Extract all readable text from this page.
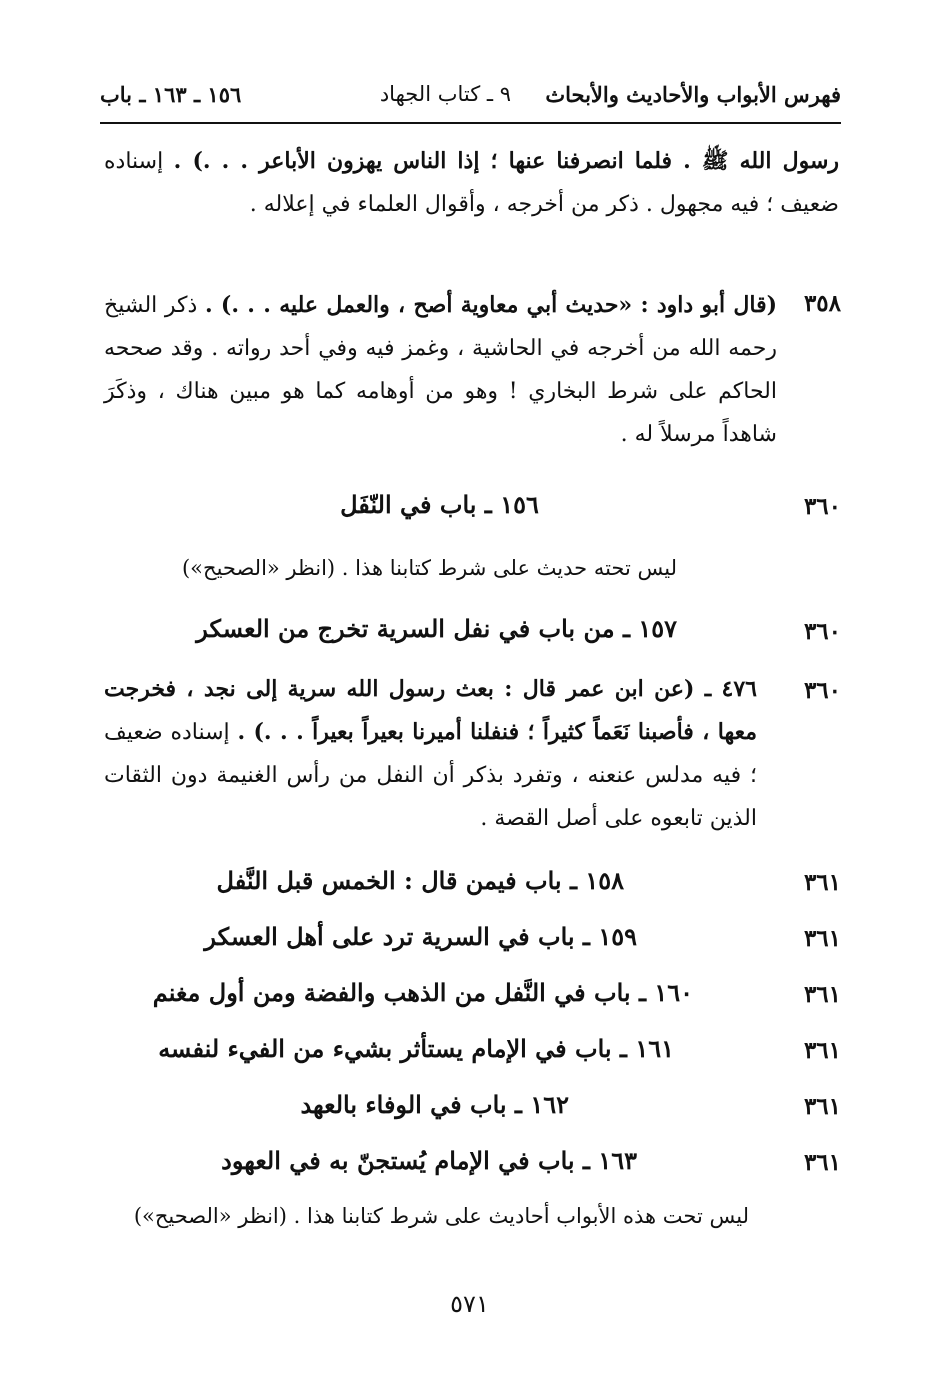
فهرس الأبواب والأحاديث والأبحاث
٩ ـ كتاب الجهاد
١٥٦ ـ ١٦٣ ـ باب
رسول الله ﷺ . فلما انصرفنا عنها ؛ إذا الناس يهزون الأباعر . . .) . إسناده ضعيف ؛ فيه مجهول . ذكر من أخرجه ، وأقوال العلماء في إعلاله .
٣٥٨
(قال أبو داود : «حديث أبي معاوية أصح ، والعمل عليه . . .) . ذكر الشيخ رحمه الله من أخرجه في الحاشية ، وغمز فيه وفي أحد رواته . وقد صححه الحاكم على شرط البخاري ! وهو من أوهامه كما هو مبين هناك ، وذكَرَ شاهداً مرسلاً له .
٣٦٠
١٥٦ ـ باب في النّفَل
ليس تحته حديث على شرط كتابنا هذا . (انظر «الصحيح»)
٣٦٠
١٥٧ ـ من باب في نفل السرية تخرج من العسكر
٣٦٠
٤٧٦ ـ (عن ابن عمر قال : بعث رسول الله سرية إلى نجد ، فخرجت معها ، فأصبنا نَعَماً كثيراً ؛ فنفلنا أميرنا بعيراً بعيراً . . .) . إسناده ضعيف ؛ فيه مدلس عنعنه ، وتفرد بذكر أن النفل من رأس الغنيمة دون الثقات الذين تابعوه على أصل القصة .
٣٦١
١٥٨ ـ باب فيمن قال : الخمس قبل النَّفل
٣٦١
١٥٩ ـ باب في السرية ترد على أهل العسكر
٣٦١
١٦٠ ـ باب في النَّفل من الذهب والفضة ومن أول مغنم
٣٦١
١٦١ ـ باب في الإمام يستأثر بشيء من الفيء لنفسه
٣٦١
١٦٢ ـ باب في الوفاء بالعهد
٣٦١
١٦٣ ـ باب في الإمام يُستجنّ به في العهود
ليس تحت هذه الأبواب أحاديث على شرط كتابنا هذا . (انظر «الصحيح»)
٥٧١
